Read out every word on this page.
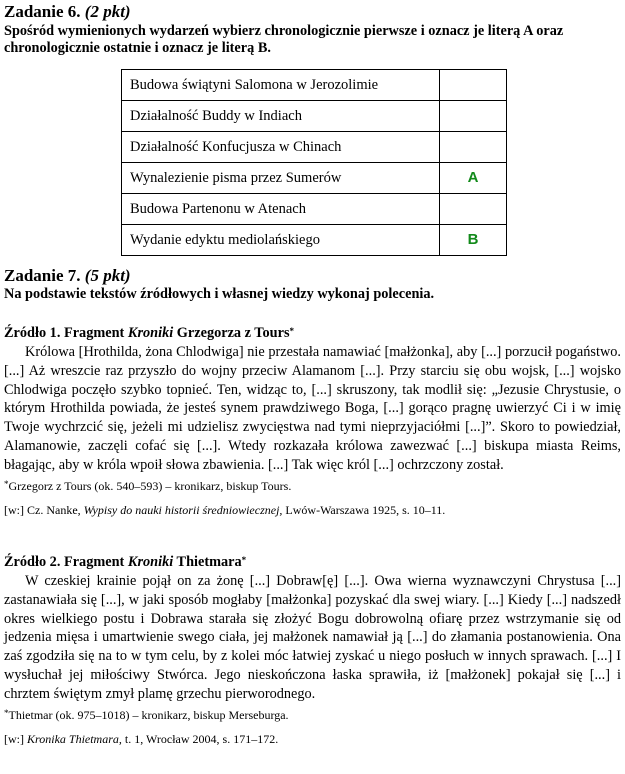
Zadanie 6. (2 pkt)

Spośród wymienionych wydarzeń wybierz chronologicznie pierwsze i oznacz je literą A oraz chronologicznie ostatnie i oznacz je literą B.

Budowa świątyni Salomona w Jerozolimie	
Działalność Buddy w Indiach	
Działalność Konfucjusza w Chinach	
Wynalezienie pisma przez Sumerów	A
Budowa Partenonu w Atenach	
Wydanie edyktu mediolańskiego	B

Zadanie 7. (5 pkt)

Na podstawie tekstów źródłowych i własnej wiedzy wykonaj polecenia.

Źródło 1. Fragment Kroniki Grzegorza z Tours*

Królowa [Hrothilda, żona Chlodwiga] nie przestała namawiać [małżonka], aby [...] porzucił pogaństwo. [...] Aż wreszcie raz przyszło do wojny przeciw Alamanom [...]. Przy starciu się obu wojsk, [...] wojsko Chlodwiga poczęło szybko topnieć. Ten, widząc to, [...] skruszony, tak modlił się: „Jezusie Chrystusie, o którym Hrothilda powiada, że jesteś synem prawdziwego Boga, [...] gorąco pragnę uwierzyć Ci i w imię Twoje wychrzcić się, jeżeli mi udzielisz zwycięstwa nad tymi nieprzyjaciółmi [...]”. Skoro to powiedział, Alamanowie, zaczęli cofać się [...]. Wtedy rozkazała królowa zawezwać [...] biskupa miasta Reims, błagając, aby w króla wpoił słowa zbawienia. [...] Tak więc król [...] ochrzczony został.

*Grzegorz z Tours (ok. 540–593) – kronikarz, biskup Tours.

[w:] Cz. Nanke, Wypisy do nauki historii średniowiecznej, Lwów-Warszawa 1925, s. 10–11.

Źródło 2. Fragment Kroniki Thietmara*

W czeskiej krainie pojął on za żonę [...] Dobraw[ę] [...]. Owa wierna wyznawczyni Chrystusa [...] zastanawiała się [...], w jaki sposób mogłaby [małżonka] pozyskać dla swej wiary. [...] Kiedy [...] nadszedł okres wielkiego postu i Dobrawa starała się złożyć Bogu dobrowolną ofiarę przez wstrzymanie się od jedzenia mięsa i umartwienie swego ciała, jej małżonek namawiał ją [...] do złamania postanowienia. Ona zaś zgodziła się na to w tym celu, by z kolei móc łatwiej zyskać u niego posłuch w innych sprawach. [...] I wysłuchał jej miłościwy Stwórca. Jego nieskończona łaska sprawiła, iż [małżonek] pokajał się [...] i chrztem świętym zmył plamę grzechu pierworodnego.

*Thietmar (ok. 975–1018) – kronikarz, biskup Merseburga.

[w:] Kronika Thietmara, t. 1, Wrocław 2004, s. 171–172.
